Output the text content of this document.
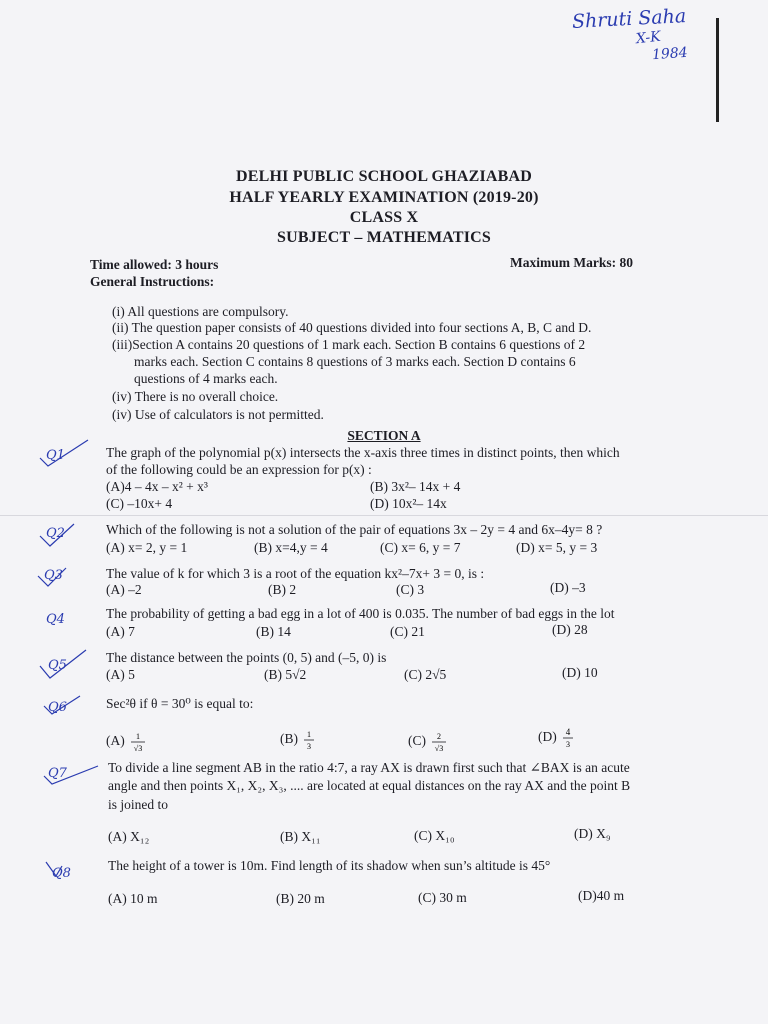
Shruti Saha
X-K
1984
DELHI PUBLIC SCHOOL GHAZIABAD
HALF YEARLY EXAMINATION (2019-20)
CLASS X
SUBJECT – MATHEMATICS
Time allowed: 3 hours	Maximum Marks: 80
General Instructions:
(i) All questions are compulsory.
(ii) The question paper consists of 40 questions divided into four sections A, B, C and D.
(iii)Section A contains 20 questions of 1 mark each. Section B contains 6 questions of 2
marks each. Section C contains 8 questions of 3 marks each. Section D contains 6
questions of 4 marks each.
(iv) There is no overall choice.
(iv) Use of calculators is not permitted.
SECTION A
Q1	The graph of the polynomial p(x) intersects the x-axis three times in distinct points, then which
of the following could be an expression for p(x) :
(A)4 – 4x – x² + x³	(B) 3x²– 14x + 4
(C) –10x+ 4	(D) 10x²– 14x
Q2	Which of the following is not a solution of the pair of equations 3x – 2y = 4 and 6x–4y= 8 ?
(A) x= 2, y = 1	(B) x=4,y = 4	(C) x= 6, y = 7	(D) x= 5, y = 3
Q3	The value of k for which 3 is a root of the equation kx²–7x+ 3 = 0, is :
(A) –2	(B) 2	(C) 3	(D) –3
Q4	The probability of getting a bad egg in a lot of 400 is 0.035. The number of bad eggs in the lot
(A) 7	(B) 14	(C) 21	(D) 28
Q5
The distance between the points (0, 5) and (–5, 0) is
(A) 5	(B) 5√2	(C) 2√5	(D) 10
Q6	Sec²θ if θ = 30⁰ is equal to:
(A) 1
√3
(B) 1
3	(C) 2
√3
(D) 4
3
Q7	To divide a line segment AB in the ratio 4:7, a ray AX is drawn first such that ∠BAX is an acute
angle and then points X₁, X₂, X₃, .... are located at equal distances on the ray AX and the point B
is joined to
(A) X₁₂	(B) X₁₁	(C) X₁₀	(D) X₉
Q8
The height of a tower is 10m. Find length of its shadow when sun’s altitude is 45°
(A) 10 m	(B) 20 m	(C) 30 m	(D)40 m
